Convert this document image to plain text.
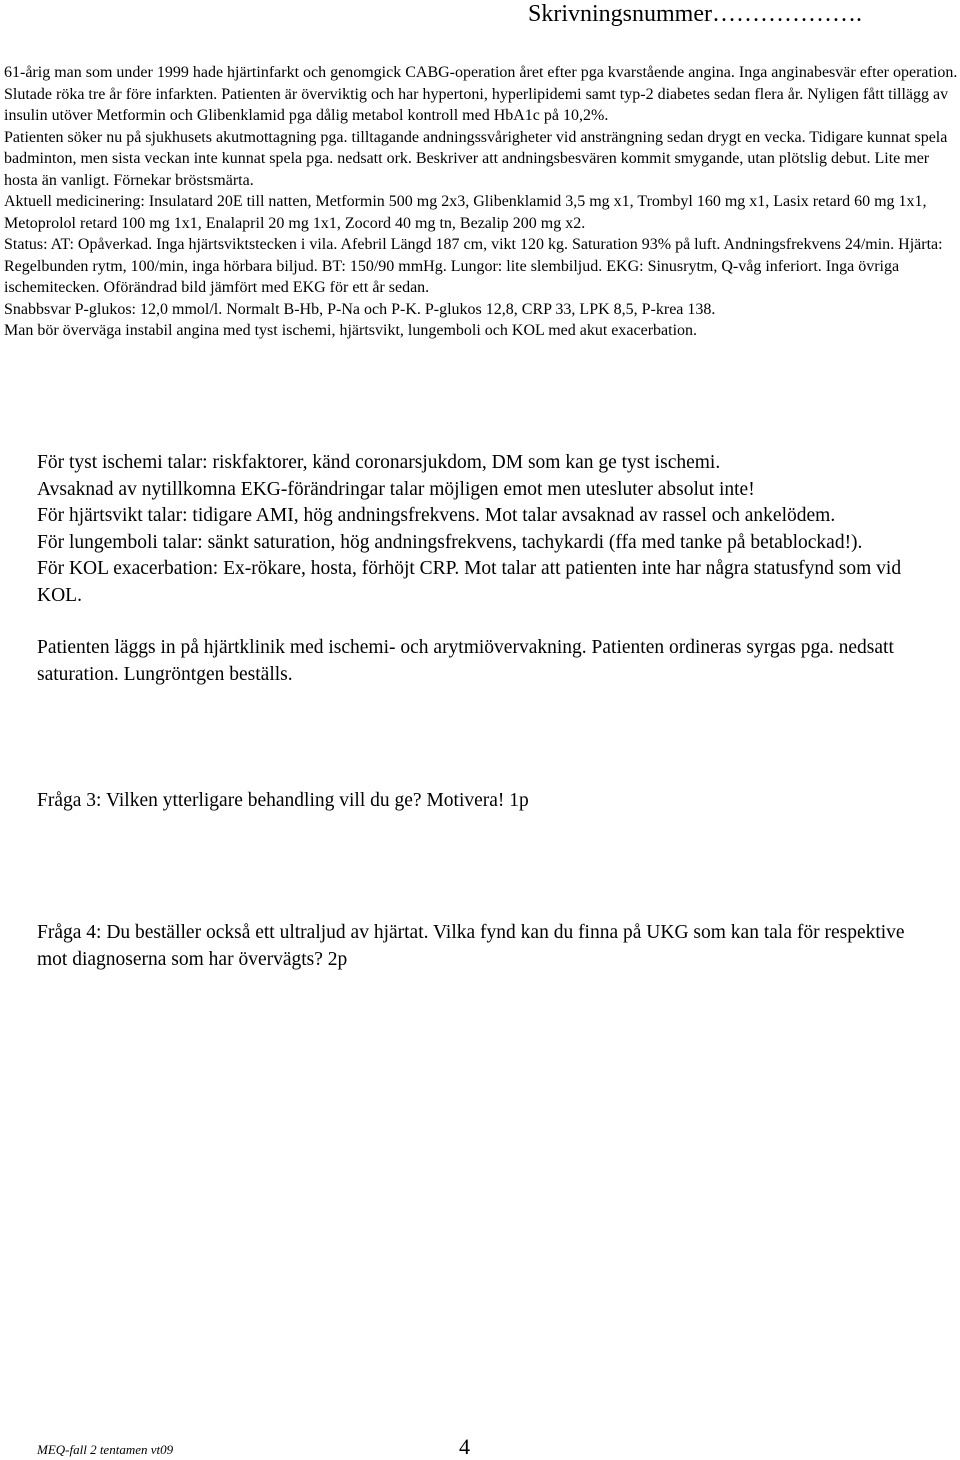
Skrivningsnummer……………….

61-årig man som under 1999 hade hjärtinfarkt och genomgick CABG-operation året efter pga kvarstående angina. Inga anginabesvär efter operation. Slutade röka tre år före infarkten. Patienten är överviktig och har hypertoni, hyperlipidemi samt typ-2 diabetes sedan flera år. Nyligen fått tillägg av insulin utöver Metformin och Glibenklamid pga dålig metabol kontroll med HbA1c på 10,2%.

Patienten söker nu på sjukhusets akutmottagning pga. tilltagande andningssvårigheter vid ansträngning sedan drygt en vecka. Tidigare kunnat spela badminton, men sista veckan inte kunnat spela pga. nedsatt ork. Beskriver att andningsbesvären kommit smygande, utan plötslig debut. Lite mer hosta än vanligt. Förnekar bröstsmärta.

Aktuell medicinering: Insulatard 20E till natten, Metformin 500 mg 2x3, Glibenklamid 3,5 mg x1, Trombyl 160 mg x1, Lasix retard 60 mg 1x1, Metoprolol retard 100 mg 1x1, Enalapril 20 mg 1x1, Zocord 40 mg tn, Bezalip 200 mg x2.

Status: AT: Opåverkad. Inga hjärtsviktstecken i vila. Afebril Längd 187 cm, vikt 120 kg. Saturation 93% på luft. Andningsfrekvens 24/min. Hjärta: Regelbunden rytm, 100/min, inga hörbara biljud. BT: 150/90 mmHg. Lungor: lite slembiljud. EKG: Sinusrytm, Q-våg inferiort. Inga övriga ischemitecken. Oförändrad bild jämfört med EKG för ett år sedan.

Snabbsvar P-glukos: 12,0 mmol/l. Normalt B-Hb, P-Na och P-K. P-glukos 12,8, CRP 33, LPK 8,5, P-krea 138.

Man bör överväga instabil angina med tyst ischemi, hjärtsvikt, lungemboli och KOL med akut exacerbation.

För tyst ischemi talar: riskfaktorer, känd coronarsjukdom, DM som kan ge tyst ischemi.

Avsaknad av nytillkomna EKG-förändringar talar möjligen emot men utesluter absolut inte!

För hjärtsvikt talar: tidigare AMI, hög andningsfrekvens. Mot talar avsaknad av rassel och ankelödem.

För lungemboli talar: sänkt saturation, hög andningsfrekvens, tachykardi (ffa med tanke på betablockad!).

För KOL exacerbation: Ex-rökare, hosta, förhöjt CRP. Mot talar att patienten inte har några statusfynd som vid KOL.

Patienten läggs in på hjärtklinik med ischemi- och arytmiövervakning. Patienten ordineras syrgas pga. nedsatt saturation. Lungröntgen beställs.

Fråga 3: Vilken ytterligare behandling vill du ge? Motivera! 1p

Fråga 4: Du beställer också ett ultraljud av hjärtat. Vilka fynd kan du finna på UKG som kan tala för respektive mot diagnoserna som har övervägts? 2p

MEQ-fall 2 tentamen vt09	4
